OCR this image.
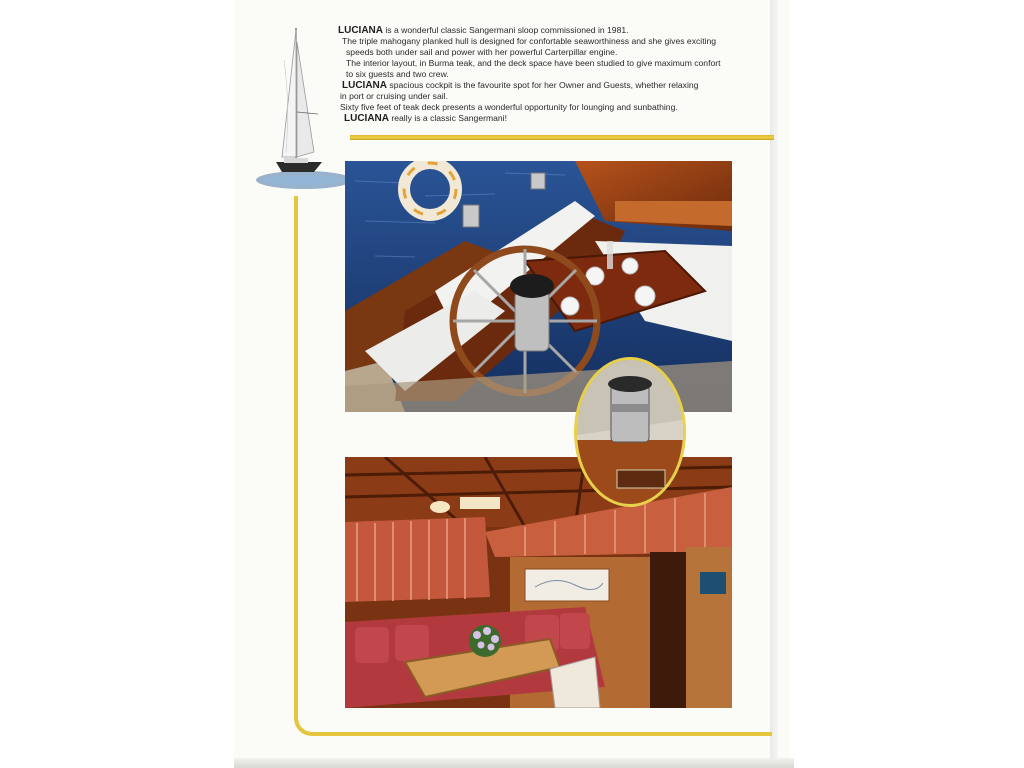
LUCIANA is a wonderful classic Sangermani sloop commissioned in 1981.
The triple mahogany planked hull is designed for confortable seaworthiness and she gives exciting
speeds both under sail and power with her powerful Carterpillar engine.
The interior layout, in Burma teak, and the deck space have been studied to give maximum confort
to six guests and two crew.
LUCIANA spacious cockpit is the favourite spot for her Owner and Guests, whether relaxing
in port or cruising under sail.
Sixty five feet of teak deck presents a wonderful opportunity for lounging and sunbathing.
LUCIANA really is a classic Sangermani!
